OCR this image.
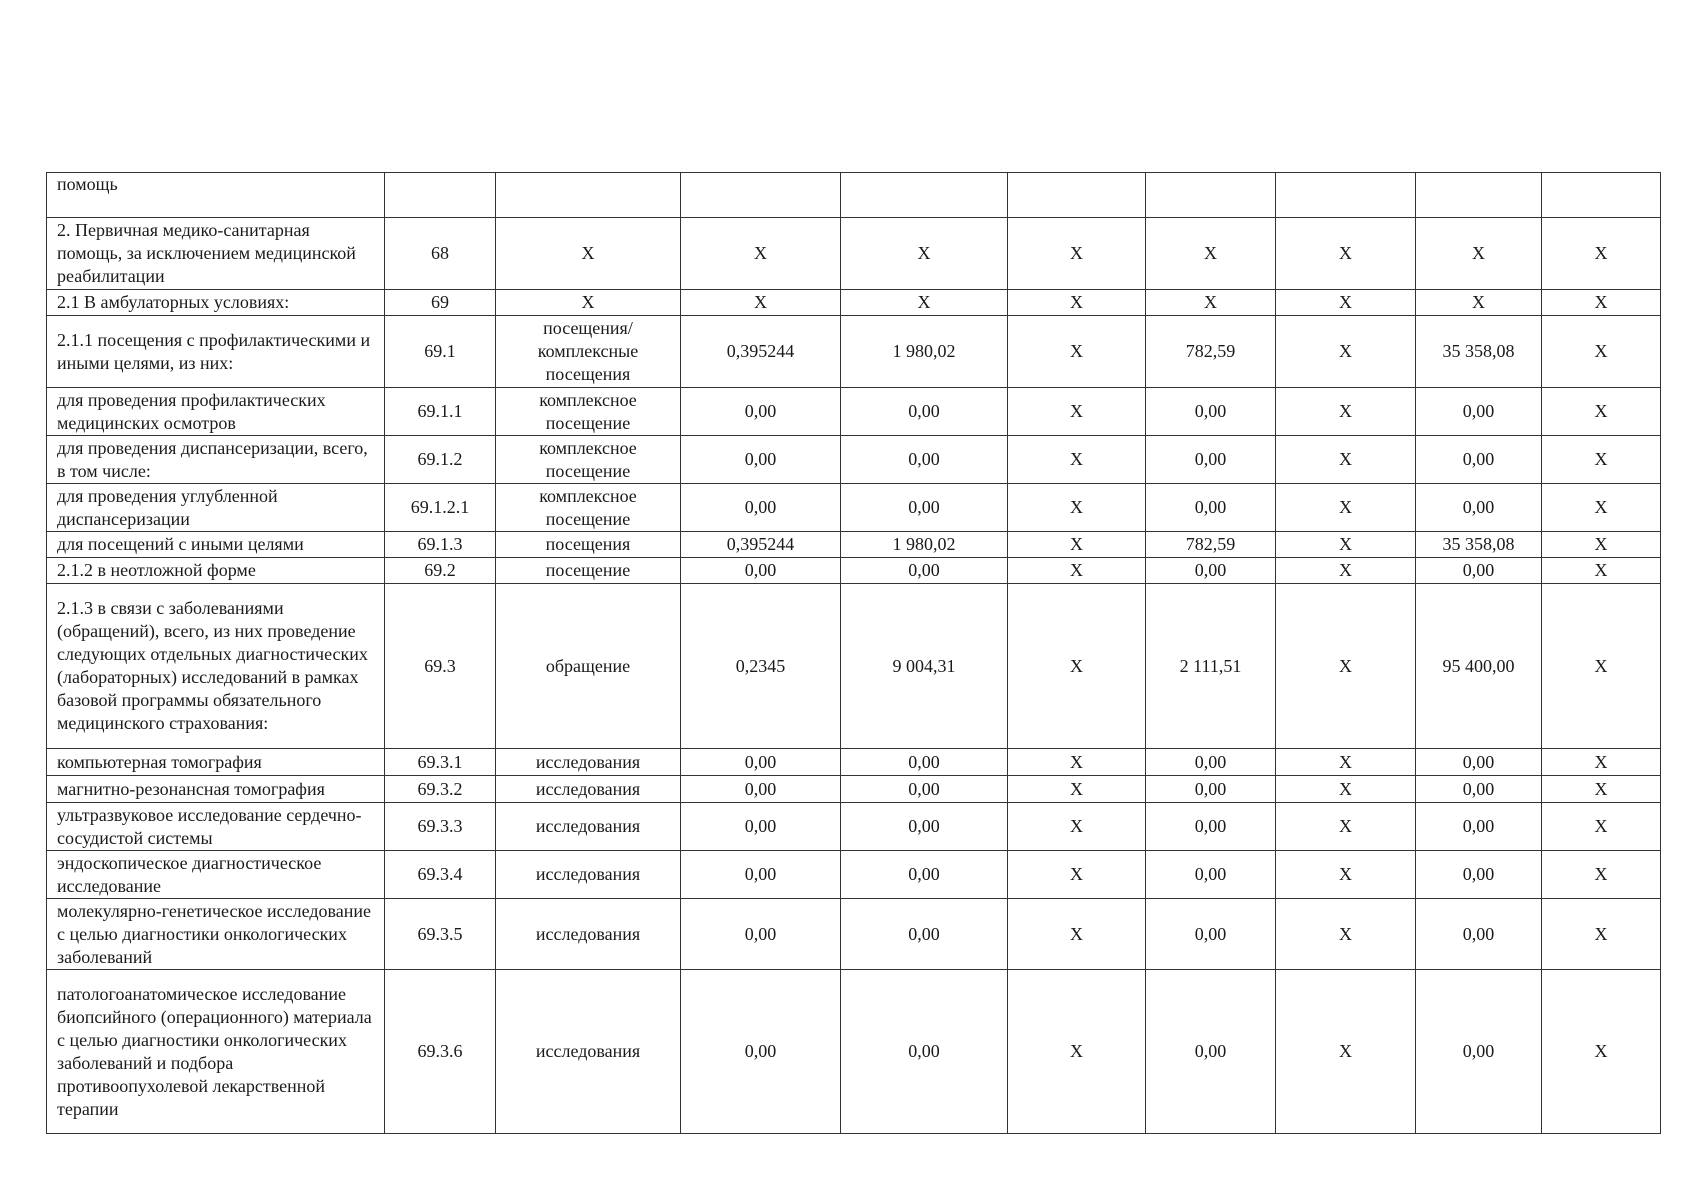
помощь									
2. Первичная медико-санитарная помощь, за исключением медицинской реабилитации	68	X	X	X	X	X	X	X	X
2.1 В амбулаторных условиях:	69	X	X	X	X	X	X	X	X
2.1.1 посещения с профилактическими и иными целями, из них:	69.1	посещения/комплексные посещения	0,395244	1 980,02	X	782,59	X	35 358,08	X
для проведения профилактических медицинских осмотров	69.1.1	комплексное посещение	0,00	0,00	X	0,00	X	0,00	X
для проведения диспансеризации, всего, в том числе:	69.1.2	комплексное посещение	0,00	0,00	X	0,00	X	0,00	X
для проведения углубленной диспансеризации	69.1.2.1	комплексное посещение	0,00	0,00	X	0,00	X	0,00	X
для посещений с иными целями	69.1.3	посещения	0,395244	1 980,02	X	782,59	X	35 358,08	X
2.1.2 в неотложной форме	69.2	посещение	0,00	0,00	X	0,00	X	0,00	X
2.1.3 в связи с заболеваниями (обращений), всего, из них проведение следующих отдельных диагностических (лабораторных) исследований в рамках базовой программы обязательного медицинского страхования:	69.3	обращение	0,2345	9 004,31	X	2 111,51	X	95 400,00	X
компьютерная томография	69.3.1	исследования	0,00	0,00	X	0,00	X	0,00	X
магнитно-резонансная томография	69.3.2	исследования	0,00	0,00	X	0,00	X	0,00	X
ультразвуковое исследование сердечно-сосудистой системы	69.3.3	исследования	0,00	0,00	X	0,00	X	0,00	X
эндоскопическое диагностическое исследование	69.3.4	исследования	0,00	0,00	X	0,00	X	0,00	X
молекулярно-генетическое исследование с целью диагностики онкологических заболеваний	69.3.5	исследования	0,00	0,00	X	0,00	X	0,00	X
патологоанатомическое исследование биопсийного (операционного) материала с целью диагностики онкологических заболеваний и подбора противоопухолевой лекарственной терапии	69.3.6	исследования	0,00	0,00	X	0,00	X	0,00	X
